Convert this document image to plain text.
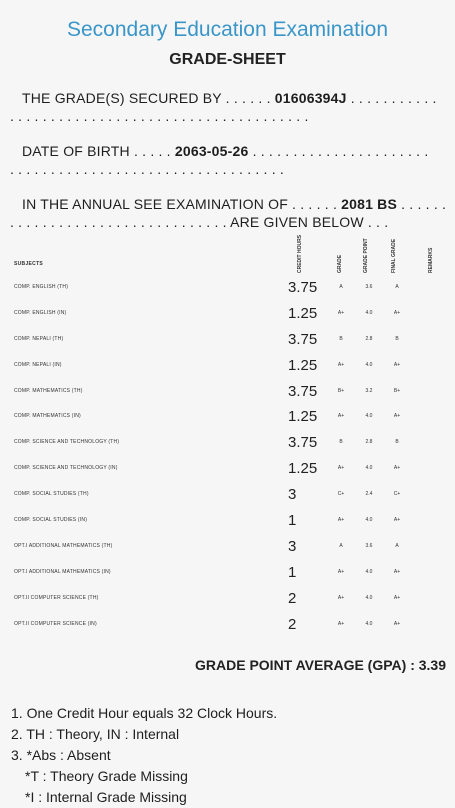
Secondary Education Examination
GRADE-SHEET
THE GRADE(S) SECURED BY . . . . . . 01606394J . . . . . . . . . . .
. . . . . . . . . . . . . . . . . . . . . . . . . . . . . . . . . . . . .
DATE OF BIRTH . . . . . 2063-05-26 . . . . . . . . . . . . . . . . . . . . . .
. . . . . . . . . . . . . . . . . . . . . . . . . . . . . . . . . .
IN THE ANNUAL SEE EXAMINATION OF . . . . . . 2081 BS . . . . . .
. . . . . . . . . . . . . . . . . . . . . . . . . . . ARE GIVEN BELOW . . .
SUBJECTS	CREDIT HOURS	GRADE	GRADE POINT	FINAL GRADE	REMARKS
COMP. ENGLISH (TH)	3.75	A	3.6	A
COMP. ENGLISH (IN)	1.25	A+	4.0	A+
COMP. NEPALI (TH)	3.75	B	2.8	B
COMP. NEPALI (IN)	1.25	A+	4.0	A+
COMP. MATHEMATICS (TH)	3.75	B+	3.2	B+
COMP. MATHEMATICS (IN)	1.25	A+	4.0	A+
COMP. SCIENCE AND TECHNOLOGY (TH)	3.75	B	2.8	B
COMP. SCIENCE AND TECHNOLOGY (IN)	1.25	A+	4.0	A+
COMP. SOCIAL STUDIES (TH)	3	C+	2.4	C+
COMP. SOCIAL STUDIES (IN)	1	A+	4.0	A+
OPT.I ADDITIONAL MATHEMATICS (TH)	3	A	3.6	A
OPT.I ADDITIONAL MATHEMATICS (IN)	1	A+	4.0	A+
OPT.II COMPUTER SCIENCE (TH)	2	A+	4.0	A+
OPT.II COMPUTER SCIENCE (IN)	2	A+	4.0	A+
GRADE POINT AVERAGE (GPA) : 3.39
1. One Credit Hour equals 32 Clock Hours.
2. TH : Theory, IN : Internal
3. *Abs : Absent
*T : Theory Grade Missing
*I : Internal Grade Missing
